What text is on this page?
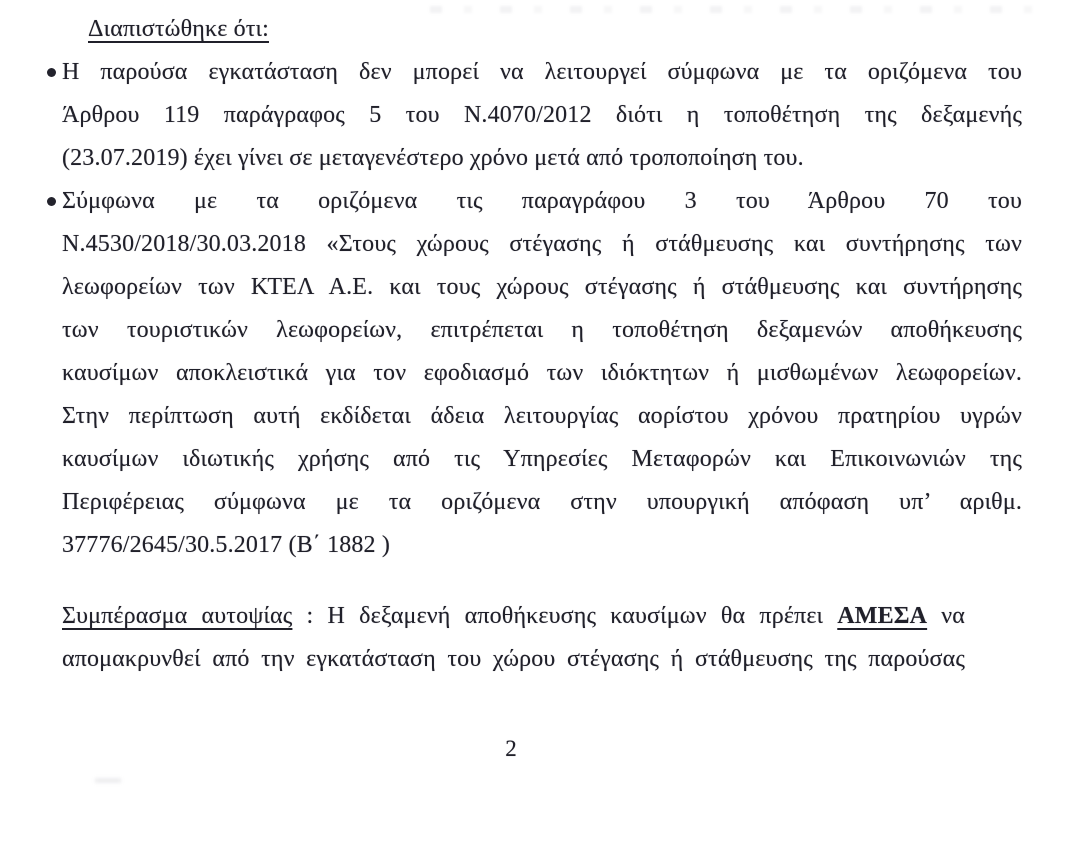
Διαπιστώθηκε ότι:
Η παρούσα εγκατάσταση δεν μπορεί να λειτουργεί σύμφωνα με τα οριζόμενα του
Άρθρου 119 παράγραφος 5 του Ν.4070/2012 διότι η τοποθέτηση της δεξαμενής
(23.07.2019) έχει γίνει σε μεταγενέστερο χρόνο μετά από τροποποίηση του.
Σύμφωνα με τα οριζόμενα τις παραγράφου 3 του Άρθρου 70 του
Ν.4530/2018/30.03.2018 «Στους χώρους στέγασης ή στάθμευσης και συντήρησης των
λεωφορείων των ΚΤΕΛ Α.Ε. και τους χώρους στέγασης ή στάθμευσης και συντήρησης
των τουριστικών λεωφορείων, επιτρέπεται η τοποθέτηση δεξαμενών αποθήκευσης
καυσίμων αποκλειστικά για τον εφοδιασμό των ιδιόκτητων ή μισθωμένων λεωφορείων.
Στην περίπτωση αυτή εκδίδεται άδεια λειτουργίας αορίστου χρόνου πρατηρίου υγρών
καυσίμων ιδιωτικής χρήσης από τις Υπηρεσίες Μεταφορών και Επικοινωνιών της
Περιφέρειας σύμφωνα με τα οριζόμενα στην υπουργική απόφαση υπ’ αριθμ.
37776/2645/30.5.2017 (Β΄ 1882 )
Συμπέρασμα αυτοψίας : Η δεξαμενή αποθήκευσης καυσίμων θα πρέπει ΑΜΕΣΑ να
απομακρυνθεί από την εγκατάσταση του χώρου στέγασης ή στάθμευσης της παρούσας
2
